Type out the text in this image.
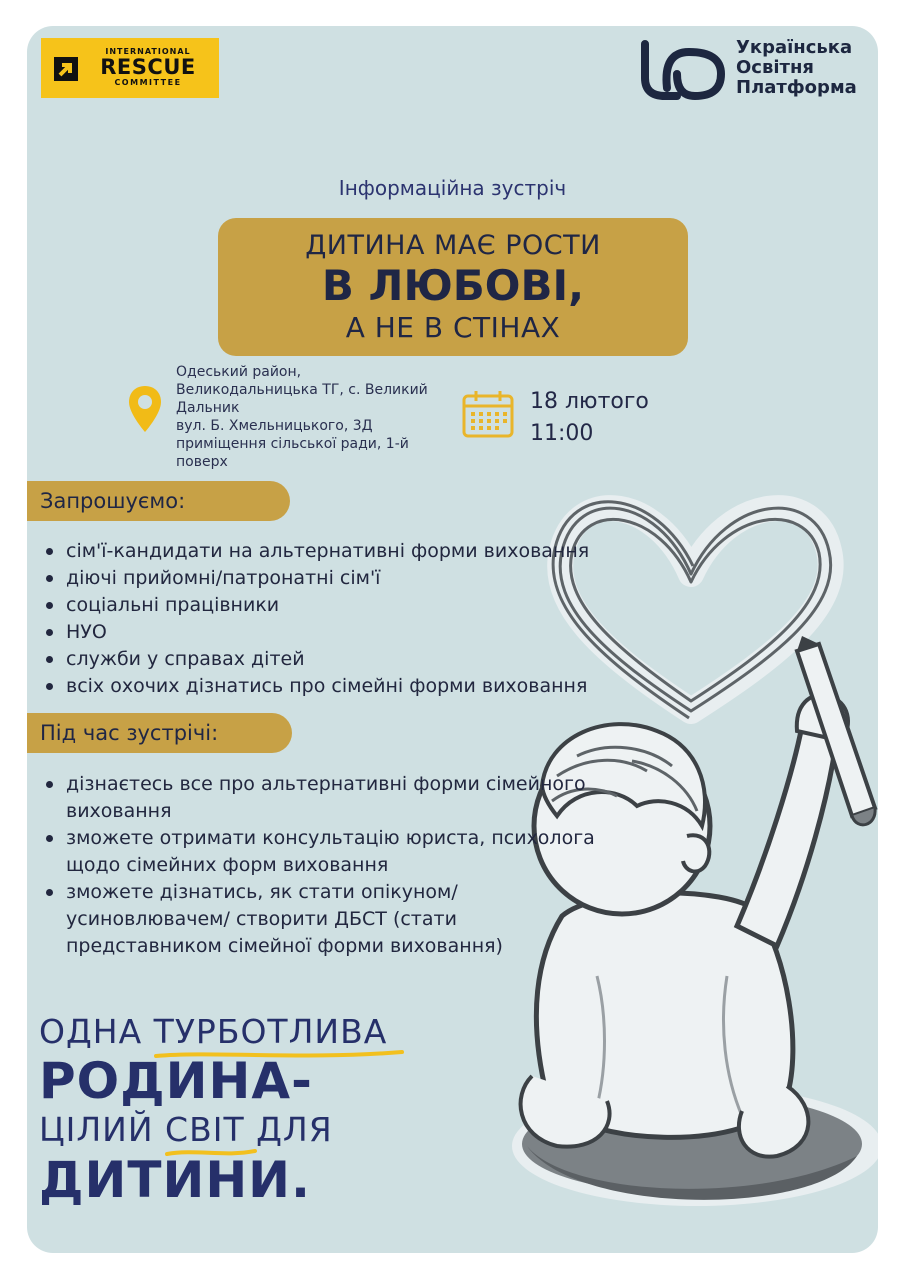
INTERNATIONAL
RESCUE
COMMITTEE
Українська
Освітня
Платформа
Інформаційна зустріч
ДИТИНА МАЄ РОСТИ
В ЛЮБОВІ,
А НЕ В СТІНАХ
Одеський район,
Великодальницька ТГ, с. Великий
Дальник
вул. Б. Хмельницького, 3Д
приміщення сільської ради, 1-й
поверх
18 лютого
11:00
Запрошуємо:
сім'ї-кандидати на альтернативні форми виховання
діючі прийомні/патронатні сім'ї
соціальні працівники
НУО
служби у справах дітей
всіх охочих дізнатись про сімейні форми виховання
Під час зустрічі:
дізнаєтесь все про альтернативні форми сімейного
виховання
зможете отримати консультацію юриста, психолога
щодо сімейних форм виховання
зможете дізнатись, як стати опікуном/
усиновлювачем/ створити ДБСТ (стати
представником сімейної форми виховання)
ОДНА ТУРБОТЛИВА
РОДИНА-
ЦІЛИЙ СВІТ ДЛЯ
ДИТИНИ.
